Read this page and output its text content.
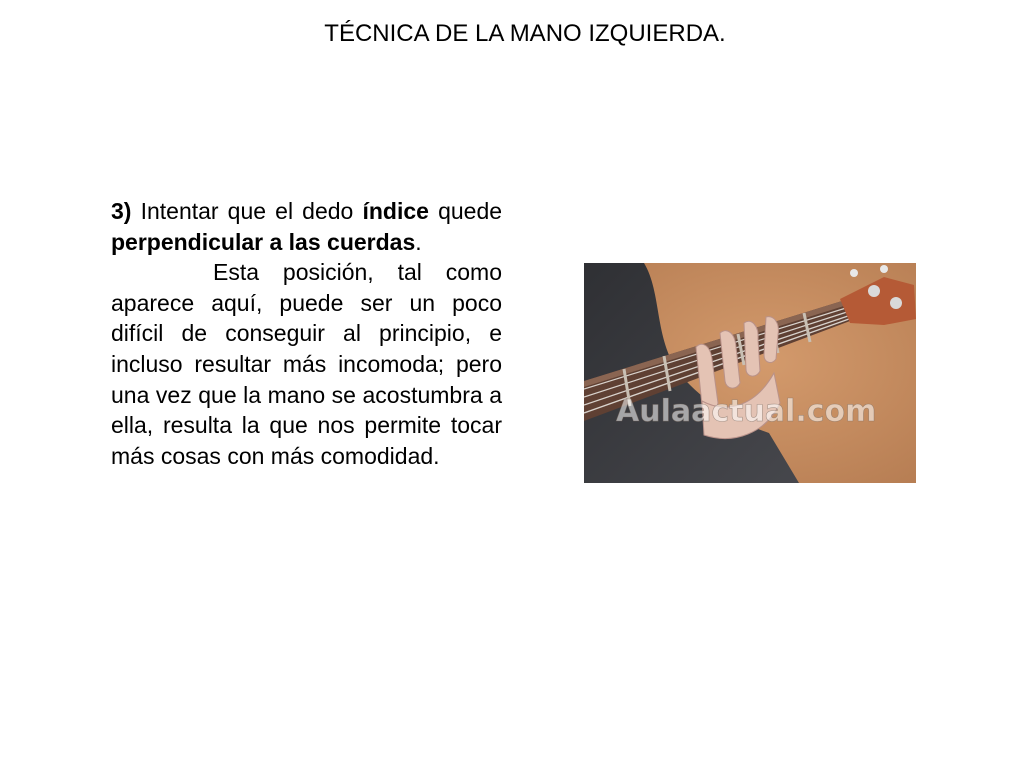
TÉCNICA DE LA MANO IZQUIERDA.

3) Intentar que el dedo índice quede perpendicular a las cuerdas.

Esta posición, tal como aparece aquí, puede ser un poco difícil de conseguir al principio, e incluso resultar más incomoda; pero una vez que la mano se acostumbra a ella, resulta la que nos permite tocar más cosas con más comodidad.

Aulaactual.com
